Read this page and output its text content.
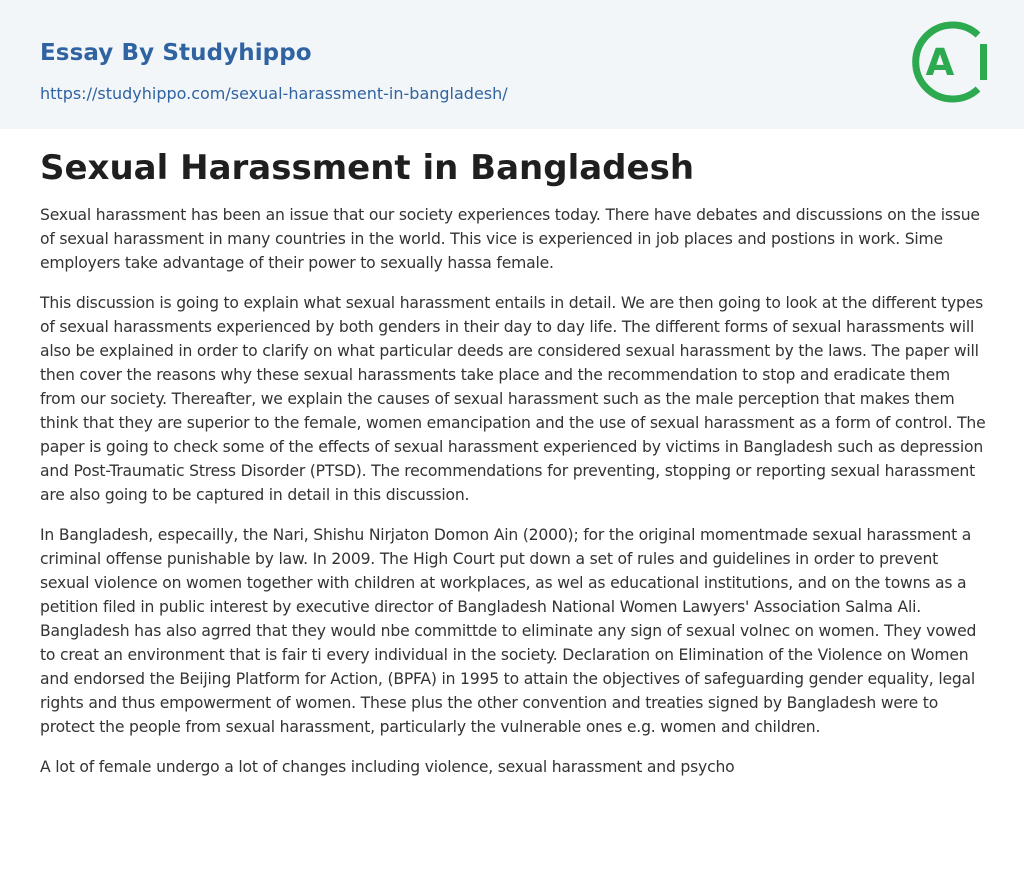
Essay By Studyhippo
https://studyhippo.com/sexual-harassment-in-bangladesh/
A
Sexual Harassment in Bangladesh

Sexual harassment has been an issue that our society experiences today. There have debates and discussions on the issue of sexual harassment in many countries in the world. This vice is experienced in job places and postions in work. Sime employers take advantage of their power to sexually hassa female.

This discussion is going to explain what sexual harassment entails in detail. We are then going to look at the different types of sexual harassments experienced by both genders in their day to day life. The different forms of sexual harassments will also be explained in order to clarify on what particular deeds are considered sexual harassment by the laws. The paper will then cover the reasons why these sexual harassments take place and the recommendation to stop and eradicate them from our society. Thereafter, we explain the causes of sexual harassment such as the male perception that makes them think that they are superior to the female, women emancipation and the use of sexual harassment as a form of control. The paper is going to check some of the effects of sexual harassment experienced by victims in Bangladesh such as depression and Post-Traumatic Stress Disorder (PTSD). The recommendations for preventing, stopping or reporting sexual harassment are also going to be captured in detail in this discussion.

In Bangladesh, especailly, the Nari, Shishu Nirjaton Domon Ain (2000); for the original momentmade sexual harassment a criminal offense punishable by law. In 2009. The High Court put down a set of rules and guidelines in order to prevent sexual violence on women together with children at workplaces, as wel as educational institutions, and on the towns as a petition filed in public interest by executive director of Bangladesh National Women Lawyers' Association Salma Ali. Bangladesh has also agrred that they would nbe committde to eliminate any sign of sexual volnec on women. They vowed to creat an environment that is fair ti every individual in the society. Declaration on Elimination of the Violence on Women and endorsed the Beijing Platform for Action, (BPFA) in 1995 to attain the objectives of safeguarding gender equality, legal rights and thus empowerment of women. These plus the other convention and treaties signed by Bangladesh were to protect the people from sexual harassment, particularly the vulnerable ones e.g. women and children.

A lot of female undergo a lot of changes including violence, sexual harassment and psycho
